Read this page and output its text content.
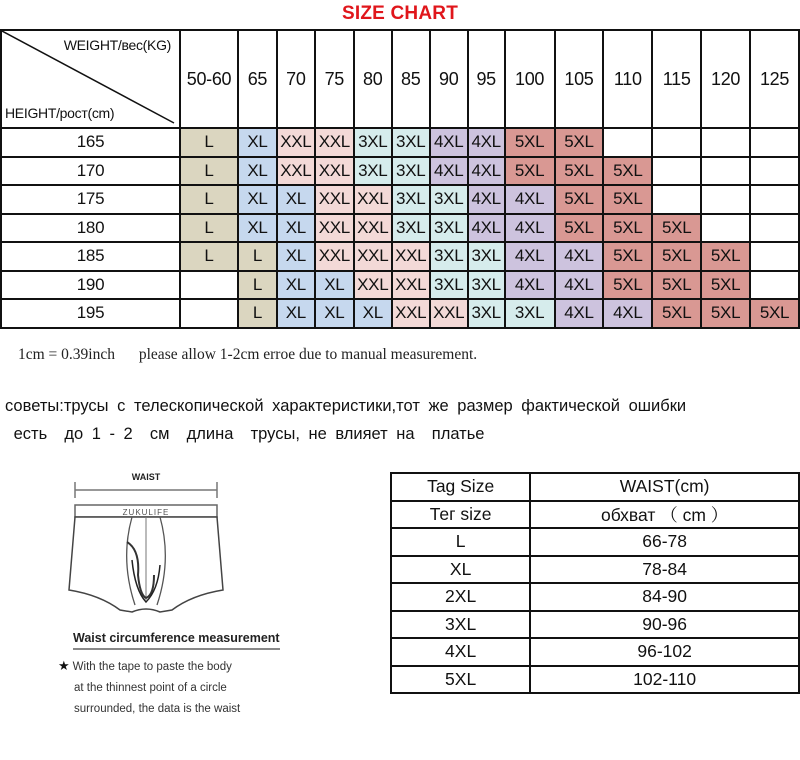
SIZE CHART
WEIGHT/вес(KG)
HEIGHT/рост(cm)	50-60	65	70	75	80	85	90	95	100	105	110	115	120	125
165	L	XL	XXL	XXL	3XL	3XL	4XL	4XL	5XL	5XL				
170	L	XL	XXL	XXL	3XL	3XL	4XL	4XL	5XL	5XL	5XL			
175	L	XL	XL	XXL	XXL	3XL	3XL	4XL	4XL	5XL	5XL			
180	L	XL	XL	XXL	XXL	3XL	3XL	4XL	4XL	5XL	5XL	5XL		
185	L	L	XL	XXL	XXL	XXL	3XL	3XL	4XL	4XL	5XL	5XL	5XL	
190		L	XL	XL	XXL	XXL	3XL	3XL	4XL	4XL	5XL	5XL	5XL	
195		L	XL	XL	XL	XXL	XXL	3XL	3XL	4XL	4XL	5XL	5XL	5XL
1cm = 0.39inch please allow 1-2cm erroe due to manual measurement.
советы:трусы с телескопической характеристики,тот же размер фактической ошибки
есть  до 1 - 2  см  длина  трусы, не влияет на  платье
WAIST
ZUKULIFE
Waist circumference measurement
★ With the tape to paste the body
at the thinnest point of a circle
surrounded, the data is the waist
Tag Size	WAIST(cm)
Тег size	обхват （ cm ）
L	66-78
XL	78-84
2XL	84-90
3XL	90-96
4XL	96-102
5XL	102-110
